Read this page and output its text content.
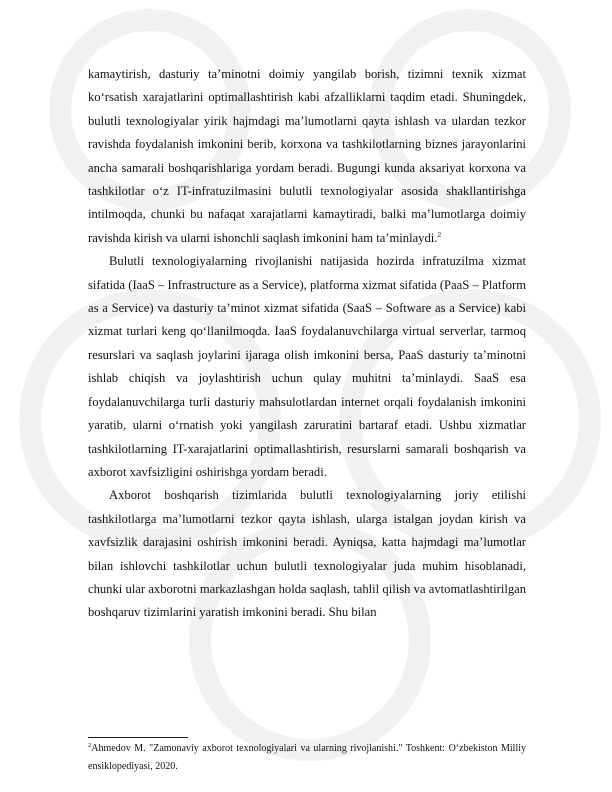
kamaytirish, dasturiy ta’minotni doimiy yangilab borish, tizimni texnik xizmat ko‘rsatish xarajatlarini optimallashtirish kabi afzalliklarni taqdim etadi. Shuningdek, bulutli texnologiyalar yirik hajmdagi ma’lumotlarni qayta ishlash va ulardan tezkor ravishda foydalanish imkonini berib, korxona va tashkilotlarning biznes jarayonlarini ancha samarali boshqarishlariga yordam beradi. Bugungi kunda aksariyat korxona va tashkilotlar o‘z IT-infratuzilmasini bulutli texnologiyalar asosida shakllantirishga intilmoqda, chunki bu nafaqat xarajatlarni kamaytiradi, balki ma’lumotlarga doimiy ravishda kirish va ularni ishonchli saqlash imkonini ham ta’minlaydi.$^2$

Bulutli texnologiyalarning rivojlanishi natijasida hozirda infratuzilma xizmat sifatida (IaaS – Infrastructure as a Service), platforma xizmat sifatida (PaaS – Platform as a Service) va dasturiy ta’minot xizmat sifatida (SaaS – Software as a Service) kabi xizmat turlari keng qo‘llanilmoqda. IaaS foydalanuvchilarga virtual serverlar, tarmoq resurslari va saqlash joylarini ijaraga olish imkonini bersa, PaaS dasturiy ta’minotni ishlab chiqish va joylashtirish uchun qulay muhitni ta’minlaydi. SaaS esa foydalanuvchilarga turli dasturiy mahsulotlardan internet orqali foydalanish imkonini yaratib, ularni o‘rnatish yoki yangilash zaruratini bartaraf etadi. Ushbu xizmatlar tashkilotlarning IT-xarajatlarini optimallashtirish, resurslarni samarali boshqarish va axborot xavfsizligini oshirishga yordam beradi.

Axborot boshqarish tizimlarida bulutli texnologiyalarning joriy etilishi tashkilotlarga ma’lumotlarni tezkor qayta ishlash, ularga istalgan joydan kirish va xavfsizlik darajasini oshirish imkonini beradi. Ayniqsa, katta hajmdagi ma’lumotlar bilan ishlovchi tashkilotlar uchun bulutli texnologiyalar juda muhim hisoblanadi, chunki ular axborotni markazlashgan holda saqlash, tahlil qilish va avtomatlashtirilgan boshqaruv tizimlarini yaratish imkonini beradi. Shu bilan

$^2$Ahmedov M. "Zamonaviy axborot texnologiyalari va ularning rivojlanishi." Toshkent: O‘zbekiston Milliy ensiklopediyasi, 2020.
